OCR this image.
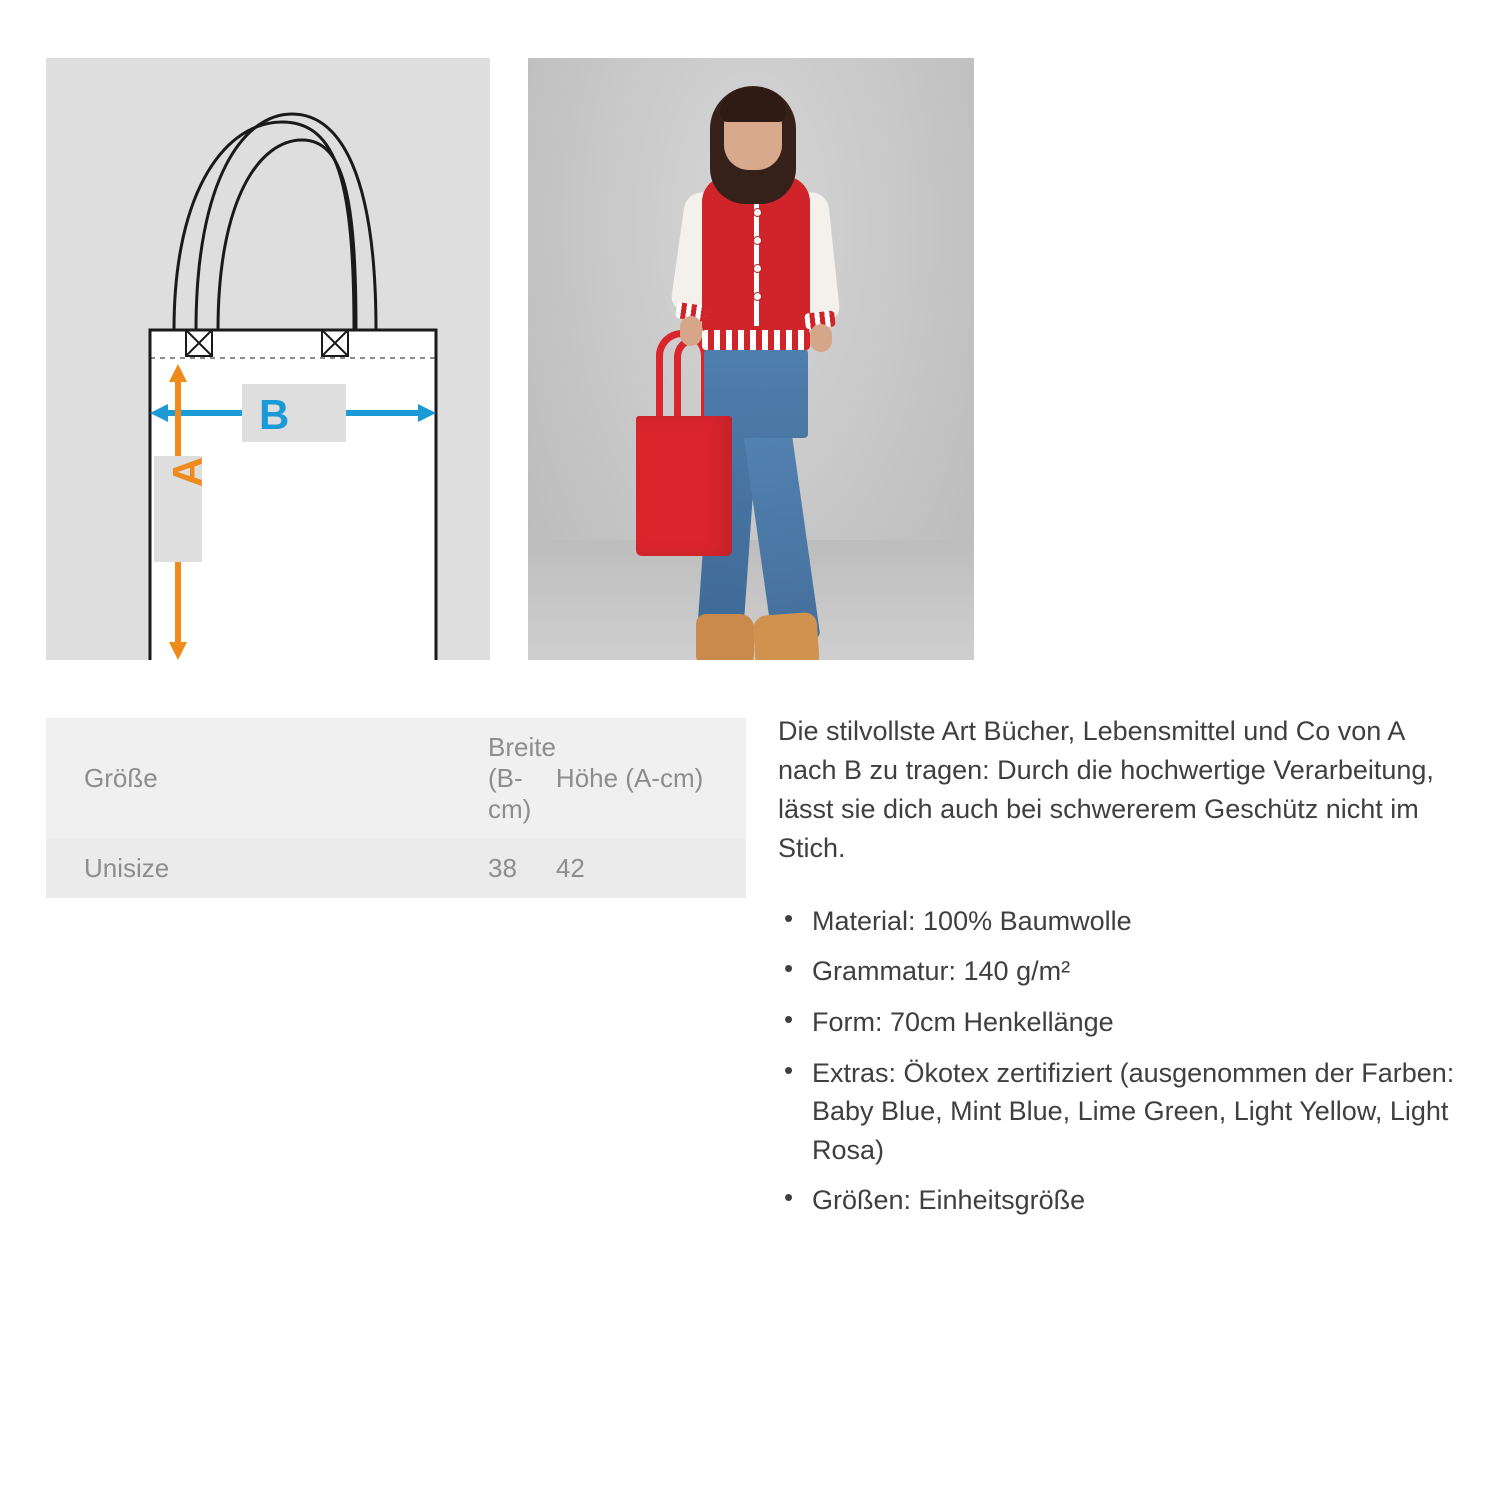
B
A
Größe	Breite (B-cm)	Höhe (A-cm)
Unisize	38	42

Die stilvollste Art Bücher, Lebensmittel und Co von A nach B zu tragen: Durch die hochwertige Verarbeitung, lässt sie dich auch bei schwererem Geschütz nicht im Stich.

• Material: 100% Baumwolle
• Grammatur: 140 g/m²
• Form: 70cm Henkellänge
• Extras: Ökotex zertifiziert (ausgenommen der Farben: Baby Blue, Mint Blue, Lime Green, Light Yellow, Light Rosa)
• Größen: Einheitsgröße
